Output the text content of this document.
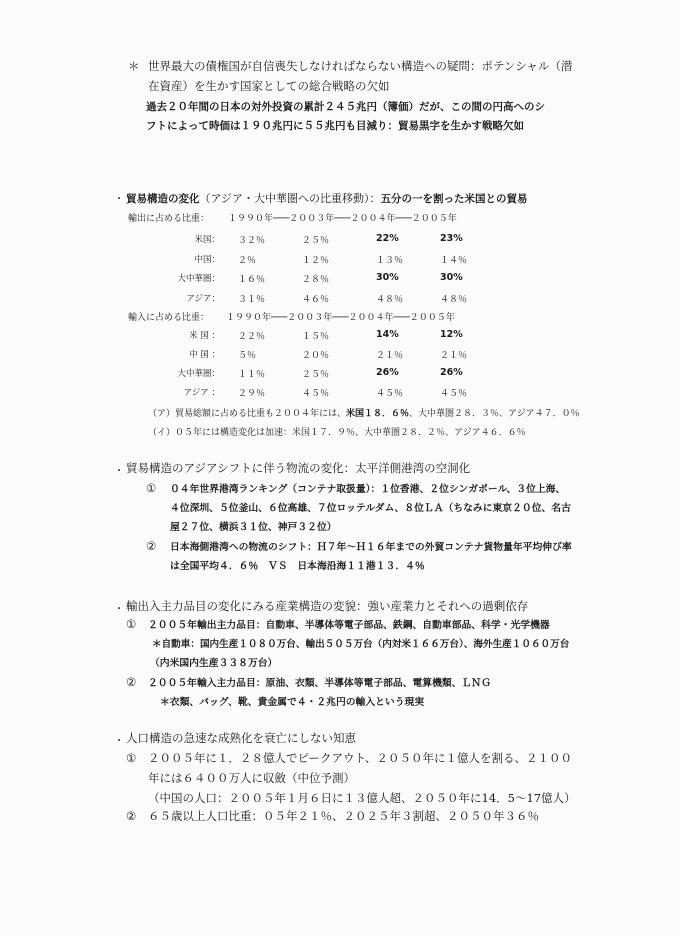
＊ 世界最大の債権国が自信喪失しなければならない構造への疑問：ポテンシャル（潜
在資産）を生かす国家としての総合戦略の欠如
過去２０年間の日本の対外投資の累計２４５兆円（簿価）だが、この間の円高へのシ
フトによって時価は１９０兆円に５５兆円も目減り：貿易黒字を生かす戦略欠如
・ 貿易構造の変化（アジア・大中華圏への比重移動）：五分の一を割った米国との貿易
輸出に占める比重： １９９０年───２００３年───２００４年───２００５年
米国： ３２％	２５％	22%	23%
中国： ２％	１２％	１３％	１４％
大中華圏： １６％	２８％	30%	30%
アジア： ３１％	４６％	４８％	４８％
輸入に占める比重： １９９０年───２００３年───２００４年───２００５年
米 国 ： ２２％	１５％	14%	12%
中 国 ： ５％	２０％	２１％	２１％
大中華圏： １１％	２５％	26%	26%
アジア ： ２９％	４５％	４５％	４５％
（ア）貿易総額に占める比重も２００４年には、米国１８．６％、大中華圏２８．３％、アジア４７．０％
（イ）０５年には構造変化は加速：米国１７．９％、大中華圏２８．２％、アジア４６．６％
・ 貿易構造のアジアシフトに伴う物流の変化：太平洋側港湾の空洞化
① ０４年世界港湾ランキング（コンテナ取扱量）：１位香港、２位シンガポール、３位上海、
４位深圳、５位釜山、６位高雄、７位ロッテルダム、８位ＬＡ（ちなみに東京２０位、名古
屋２７位、横浜３１位、神戸３２位）
② 日本海側港湾への物流のシフト：Ｈ７年～Ｈ１６年までの外貿コンテナ貨物量年平均伸び率
は全国平均４．６％　ＶＳ　日本海沿海１１港１３．４％
・ 輸出入主力品目の変化にみる産業構造の変貌：強い産業力とそれへの過剰依存
① ２００５年輸出主力品目：自動車、半導体等電子部品、鉄鋼、自動車部品、科学・光学機器
＊自動車：国内生産１０８０万台、輸出５０５万台（内対米１６６万台）、海外生産１０６０万台
（内米国内生産３３８万台）
② ２００５年輸入主力品目：原油、衣類、半導体等電子部品、電算機類、ＬＮＧ
＊衣類、バッグ、靴、貴金属で４・２兆円の輸入という現実
・ 人口構造の急速な成熟化を衰亡にしない知恵
① ２００５年に１．２８億人でピークアウト、２０５０年に１億人を割る、２１００
年には６４００万人に収斂（中位予測）
（中国の人口：２００５年１月６日に１３億人超、２０５０年に14．5～17億人）
② ６５歳以上人口比重：０５年２１％、２０２５年３割超、２０５０年３６％
